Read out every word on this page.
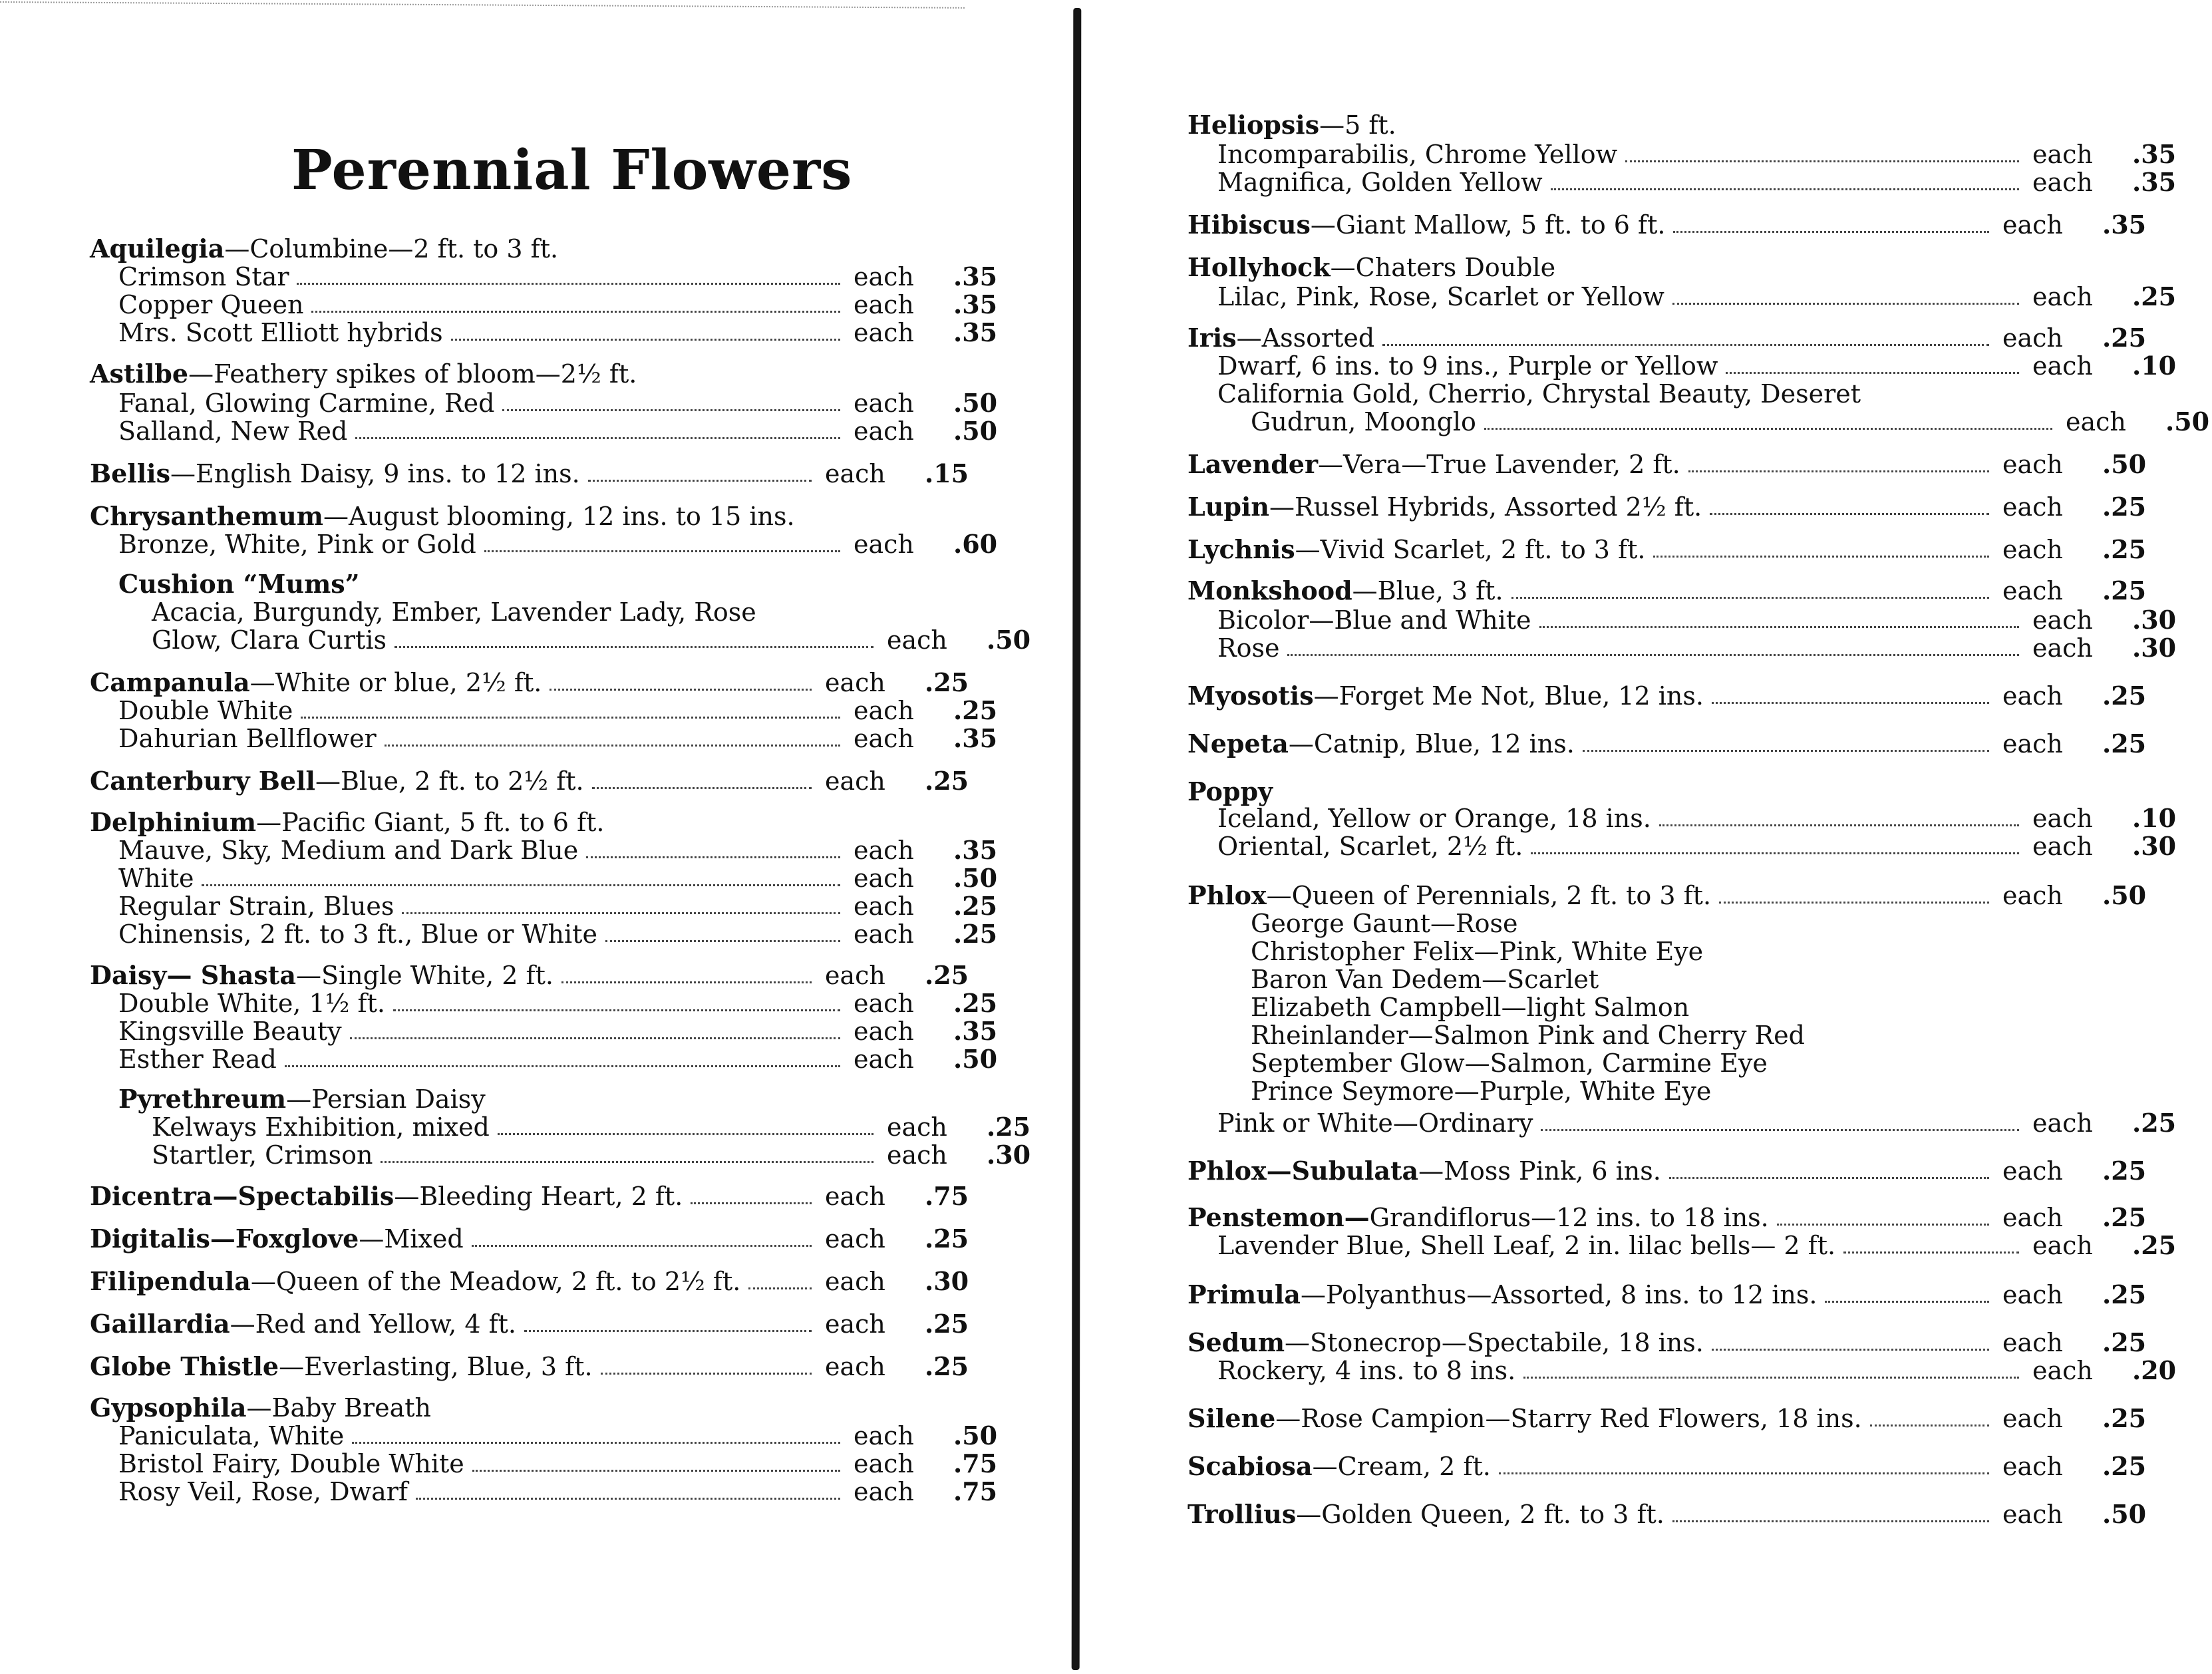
Perennial Flowers
Aquilegia—Columbine—2 ft. to 3 ft.
Crimson Star	each	.35
Copper Queen	each	.35
Mrs. Scott Elliott hybrids	each	.35
Astilbe—Feathery spikes of bloom—2½ ft.
Fanal, Glowing Carmine, Red	each	.50
Salland, New Red	each	.50
Bellis—English Daisy, 9 ins. to 12 ins.	each	.15
Chrysanthemum—August blooming, 12 ins. to 15 ins.
Bronze, White, Pink or Gold	each	.60
Cushion “Mums”
Acacia, Burgundy, Ember, Lavender Lady, Rose
Glow, Clara Curtis	each	.50
Campanula—White or blue, 2½ ft.	each	.25
Double White	each	.25
Dahurian Bellflower	each	.35
Canterbury Bell—Blue, 2 ft. to 2½ ft.	each	.25
Delphinium—Pacific Giant, 5 ft. to 6 ft.
Mauve, Sky, Medium and Dark Blue	each	.35
White	each	.50
Regular Strain, Blues	each	.25
Chinensis, 2 ft. to 3 ft., Blue or White	each	.25
Daisy— Shasta—Single White, 2 ft.	each	.25
Double White, 1½ ft.	each	.25
Kingsville Beauty	each	.35
Esther Read	each	.50
Pyrethreum—Persian Daisy
Kelways Exhibition, mixed	each	.25
Startler, Crimson	each	.30
Dicentra—Spectabilis—Bleeding Heart, 2 ft.	each	.75
Digitalis—Foxglove—Mixed	each	.25
Filipendula—Queen of the Meadow, 2 ft. to 2½ ft.	each	.30
Gaillardia—Red and Yellow, 4 ft.	each	.25
Globe Thistle—Everlasting, Blue, 3 ft.	each	.25
Gypsophila—Baby Breath
Paniculata, White	each	.50
Bristol Fairy, Double White	each	.75
Rosy Veil, Rose, Dwarf	each	.75
Heliopsis—5 ft.
Incomparabilis, Chrome Yellow	each	.35
Magnifica, Golden Yellow	each	.35
Hibiscus—Giant Mallow, 5 ft. to 6 ft.	each	.35
Hollyhock—Chaters Double
Lilac, Pink, Rose, Scarlet or Yellow	each	.25
Iris—Assorted	each	.25
Dwarf, 6 ins. to 9 ins., Purple or Yellow	each	.10
California Gold, Cherrio, Chrystal Beauty, Deseret
Gudrun, Moonglo	each	.50
Lavender—Vera—True Lavender, 2 ft.	each	.50
Lupin—Russel Hybrids, Assorted 2½ ft.	each	.25
Lychnis—Vivid Scarlet, 2 ft. to 3 ft.	each	.25
Monkshood—Blue, 3 ft.	each	.25
Bicolor—Blue and White	each	.30
Rose	each	.30
Myosotis—Forget Me Not, Blue, 12 ins.	each	.25
Nepeta—Catnip, Blue, 12 ins.	each	.25
Poppy
Iceland, Yellow or Orange, 18 ins.	each	.10
Oriental, Scarlet, 2½ ft.	each	.30
Phlox—Queen of Perennials, 2 ft. to 3 ft.	each	.50
George Gaunt—Rose
Christopher Felix—Pink, White Eye
Baron Van Dedem—Scarlet
Elizabeth Campbell—light Salmon
Rheinlander—Salmon Pink and Cherry Red
September Glow—Salmon, Carmine Eye
Prince Seymore—Purple, White Eye
Pink or White—Ordinary	each	.25
Phlox—Subulata—Moss Pink, 6 ins.	each	.25
Penstemon—Grandiflorus—12 ins. to 18 ins.	each	.25
Lavender Blue, Shell Leaf, 2 in. lilac bells— 2 ft.	each	.25
Primula—Polyanthus—Assorted, 8 ins. to 12 ins.	each	.25
Sedum—Stonecrop—Spectabile, 18 ins.	each	.25
Rockery, 4 ins. to 8 ins.	each	.20
Silene—Rose Campion—Starry Red Flowers, 18 ins.	each	.25
Scabiosa—Cream, 2 ft.	each	.25
Trollius—Golden Queen, 2 ft. to 3 ft.	each	.50
